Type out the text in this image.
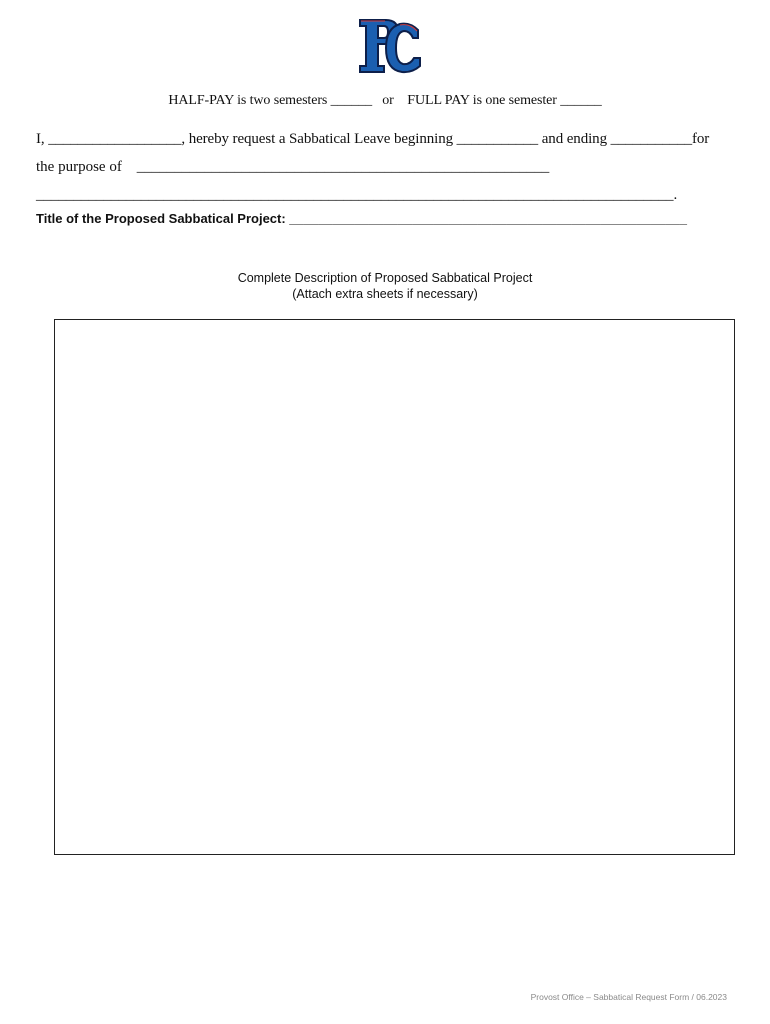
HALF-PAY is two semesters ______   or    FULL PAY is one semester ______
I, __________________, hereby request a Sabbatical Leave beginning ___________ and ending ___________for
the purpose of    _______________________________________________________
_____________________________________________________________________________________.
Title of the Proposed Sabbatical Project: _______________________________________________________
Complete Description of Proposed Sabbatical Project
(Attach extra sheets if necessary)
Provost Office – Sabbatical Request Form / 06.2023
